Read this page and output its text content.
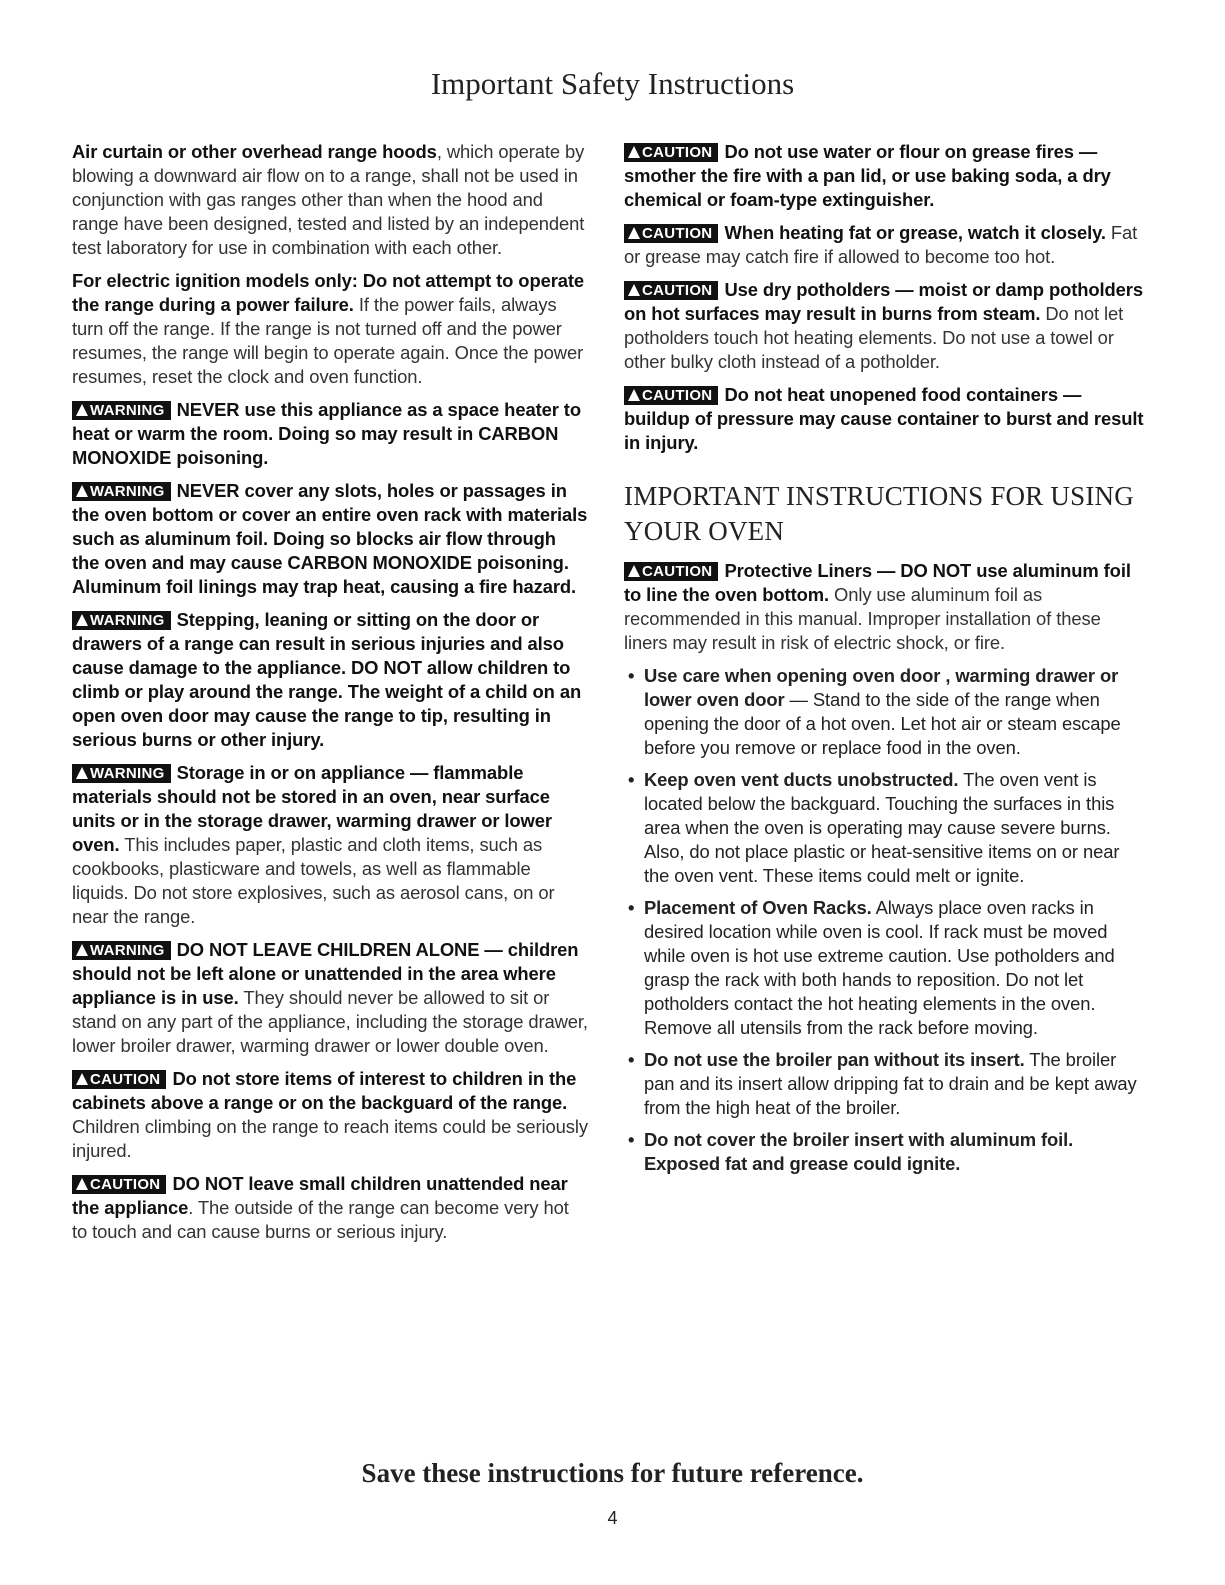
Important Safety Instructions

Air curtain or other overhead range hoods, which operate by blowing a downward air flow on to a range, shall not be used in conjunction with gas ranges other than when the hood and range have been designed, tested and listed by an independent test laboratory for use in combination with each other.

For electric ignition models only: Do not attempt to operate the range during a power failure. If the power fails, always turn off the range. If the range is not turned off and the power resumes, the range will begin to operate again. Once the power resumes, reset the clock and oven function.

WARNING NEVER use this appliance as a space heater to heat or warm the room. Doing so may result in CARBON MONOXIDE poisoning.

WARNING NEVER cover any slots, holes or passages in the oven bottom or cover an entire oven rack with materials such as aluminum foil. Doing so blocks air flow through the oven and may cause CARBON MONOXIDE poisoning. Aluminum foil linings may trap heat, causing a fire hazard.

WARNING Stepping, leaning or sitting on the door or drawers of a range can result in serious injuries and also cause damage to the appliance. DO NOT allow children to climb or play around the range. The weight of a child on an open oven door may cause the range to tip, resulting in serious burns or other injury.

WARNING Storage in or on appliance — flammable materials should not be stored in an oven, near surface units or in the storage drawer, warming drawer or lower oven. This includes paper, plastic and cloth items, such as cookbooks, plasticware and towels, as well as flammable liquids. Do not store explosives, such as aerosol cans, on or near the range.

WARNING DO NOT LEAVE CHILDREN ALONE — children should not be left alone or unattended in the area where appliance is in use. They should never be allowed to sit or stand on any part of the appliance, including the storage drawer, lower broiler drawer, warming drawer or lower double oven.

CAUTION Do not store items of interest to children in the cabinets above a range or on the backguard of the range. Children climbing on the range to reach items could be seriously injured.

CAUTION DO NOT leave small children unattended near the appliance. The outside of the range can become very hot to touch and can cause burns or serious injury.

CAUTION Do not use water or flour on grease fires — smother the fire with a pan lid, or use baking soda, a dry chemical or foam-type extinguisher.

CAUTION When heating fat or grease, watch it closely. Fat or grease may catch fire if allowed to become too hot.

CAUTION Use dry potholders — moist or damp potholders on hot surfaces may result in burns from steam. Do not let potholders touch hot heating elements. Do not use a towel or other bulky cloth instead of a potholder.

CAUTION Do not heat unopened food containers — buildup of pressure may cause container to burst and result in injury.

IMPORTANT INSTRUCTIONS FOR USING YOUR OVEN

CAUTION Protective Liners — DO NOT use aluminum foil to line the oven bottom. Only use aluminum foil as recommended in this manual. Improper installation of these liners may result in risk of electric shock, or fire.

• Use care when opening oven door , warming drawer or lower oven door — Stand to the side of the range when opening the door of a hot oven. Let hot air or steam escape before you remove or replace food in the oven.
• Keep oven vent ducts unobstructed. The oven vent is located below the backguard. Touching the surfaces in this area when the oven is operating may cause severe burns. Also, do not place plastic or heat-sensitive items on or near the oven vent. These items could melt or ignite.
• Placement of Oven Racks. Always place oven racks in desired location while oven is cool. If rack must be moved while oven is hot use extreme caution. Use potholders and grasp the rack with both hands to reposition. Do not let potholders contact the hot heating elements in the oven. Remove all utensils from the rack before moving.
• Do not use the broiler pan without its insert. The broiler pan and its insert allow dripping fat to drain and be kept away from the high heat of the broiler.
• Do not cover the broiler insert with aluminum foil. Exposed fat and grease could ignite.
Save these instructions for future reference.
4
